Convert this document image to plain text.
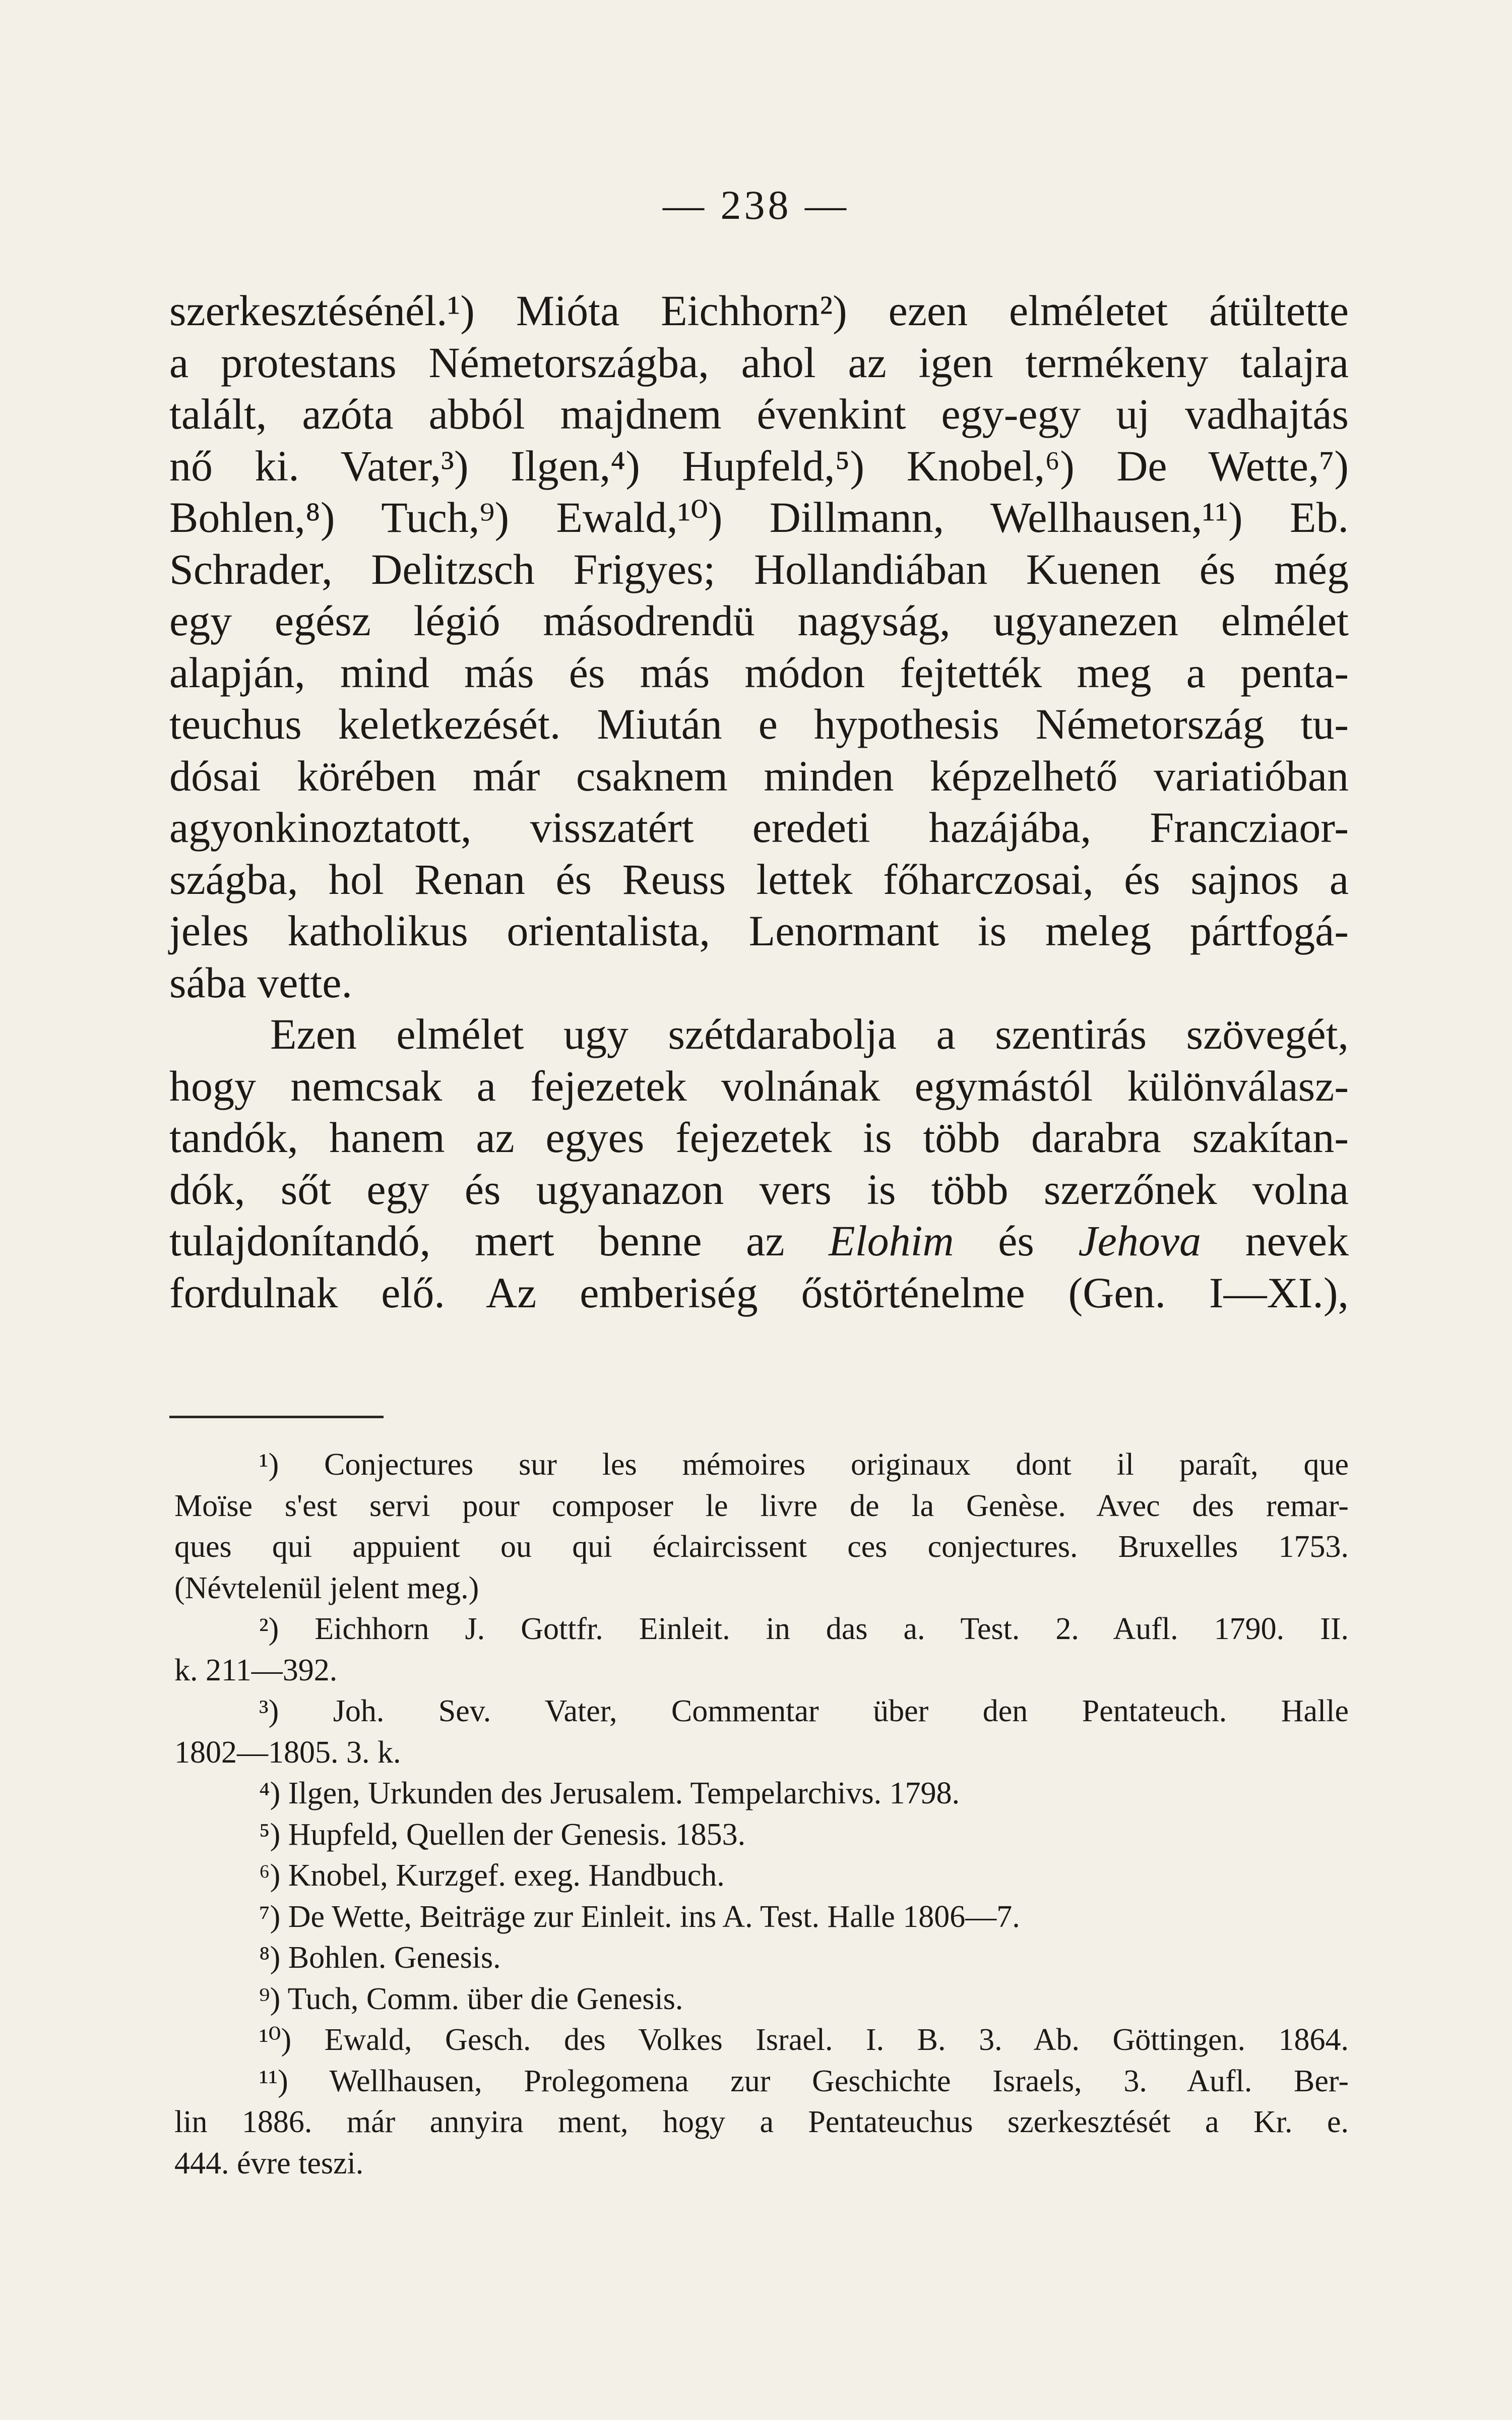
— 238 —
szerkesztésénél.¹) Mióta Eichhorn²) ezen elméletet átültette
a protestans Németországba, ahol az igen termékeny talajra
talált, azóta abból majdnem évenkint egy-egy uj vadhajtás
nő ki. Vater,³) Ilgen,⁴) Hupfeld,⁵) Knobel,⁶) De Wette,⁷)
Bohlen,⁸) Tuch,⁹) Ewald,¹⁰) Dillmann, Wellhausen,¹¹) Eb.
Schrader, Delitzsch Frigyes; Hollandiában Kuenen és még
egy egész légió másodrendü nagyság, ugyanezen elmélet
alapján, mind más és más módon fejtették meg a penta-
teuchus keletkezését. Miután e hypothesis Németország tu-
dósai körében már csaknem minden képzelhető variatióban
agyonkinoztatott, visszatért eredeti hazájába, Francziaor-
szágba, hol Renan és Reuss lettek főharczosai, és sajnos a
jeles katholikus orientalista, Lenormant is meleg pártfogá-
sába vette.
Ezen elmélet ugy szétdarabolja a szentirás szövegét,
hogy nemcsak a fejezetek volnának egymástól különválasz-
tandók, hanem az egyes fejezetek is több darabra szakítan-
dók, sőt egy és ugyanazon vers is több szerzőnek volna
tulajdonítandó, mert benne az Elohim és Jehova nevek
fordulnak elő. Az emberiség őstörténelme (Gen. I—XI.),
¹) Conjectures sur les mémoires originaux dont il paraît, que
Moïse s'est servi pour composer le livre de la Genèse. Avec des remar-
ques qui appuient ou qui éclaircissent ces conjectures. Bruxelles 1753.
(Névtelenül jelent meg.)
²) Eichhorn J. Gottfr. Einleit. in das a. Test. 2. Aufl. 1790. II.
k. 211—392.
³) Joh. Sev. Vater, Commentar über den Pentateuch. Halle
1802—1805. 3. k.
⁴) Ilgen, Urkunden des Jerusalem. Tempelarchivs. 1798.
⁵) Hupfeld, Quellen der Genesis. 1853.
⁶) Knobel, Kurzgef. exeg. Handbuch.
⁷) De Wette, Beiträge zur Einleit. ins A. Test. Halle 1806—7.
⁸) Bohlen. Genesis.
⁹) Tuch, Comm. über die Genesis.
¹⁰) Ewald, Gesch. des Volkes Israel. I. B. 3. Ab. Göttingen. 1864.
¹¹) Wellhausen, Prolegomena zur Geschichte Israels, 3. Aufl. Ber-
lin 1886. már annyira ment, hogy a Pentateuchus szerkesztését a Kr. e.
444. évre teszi.
